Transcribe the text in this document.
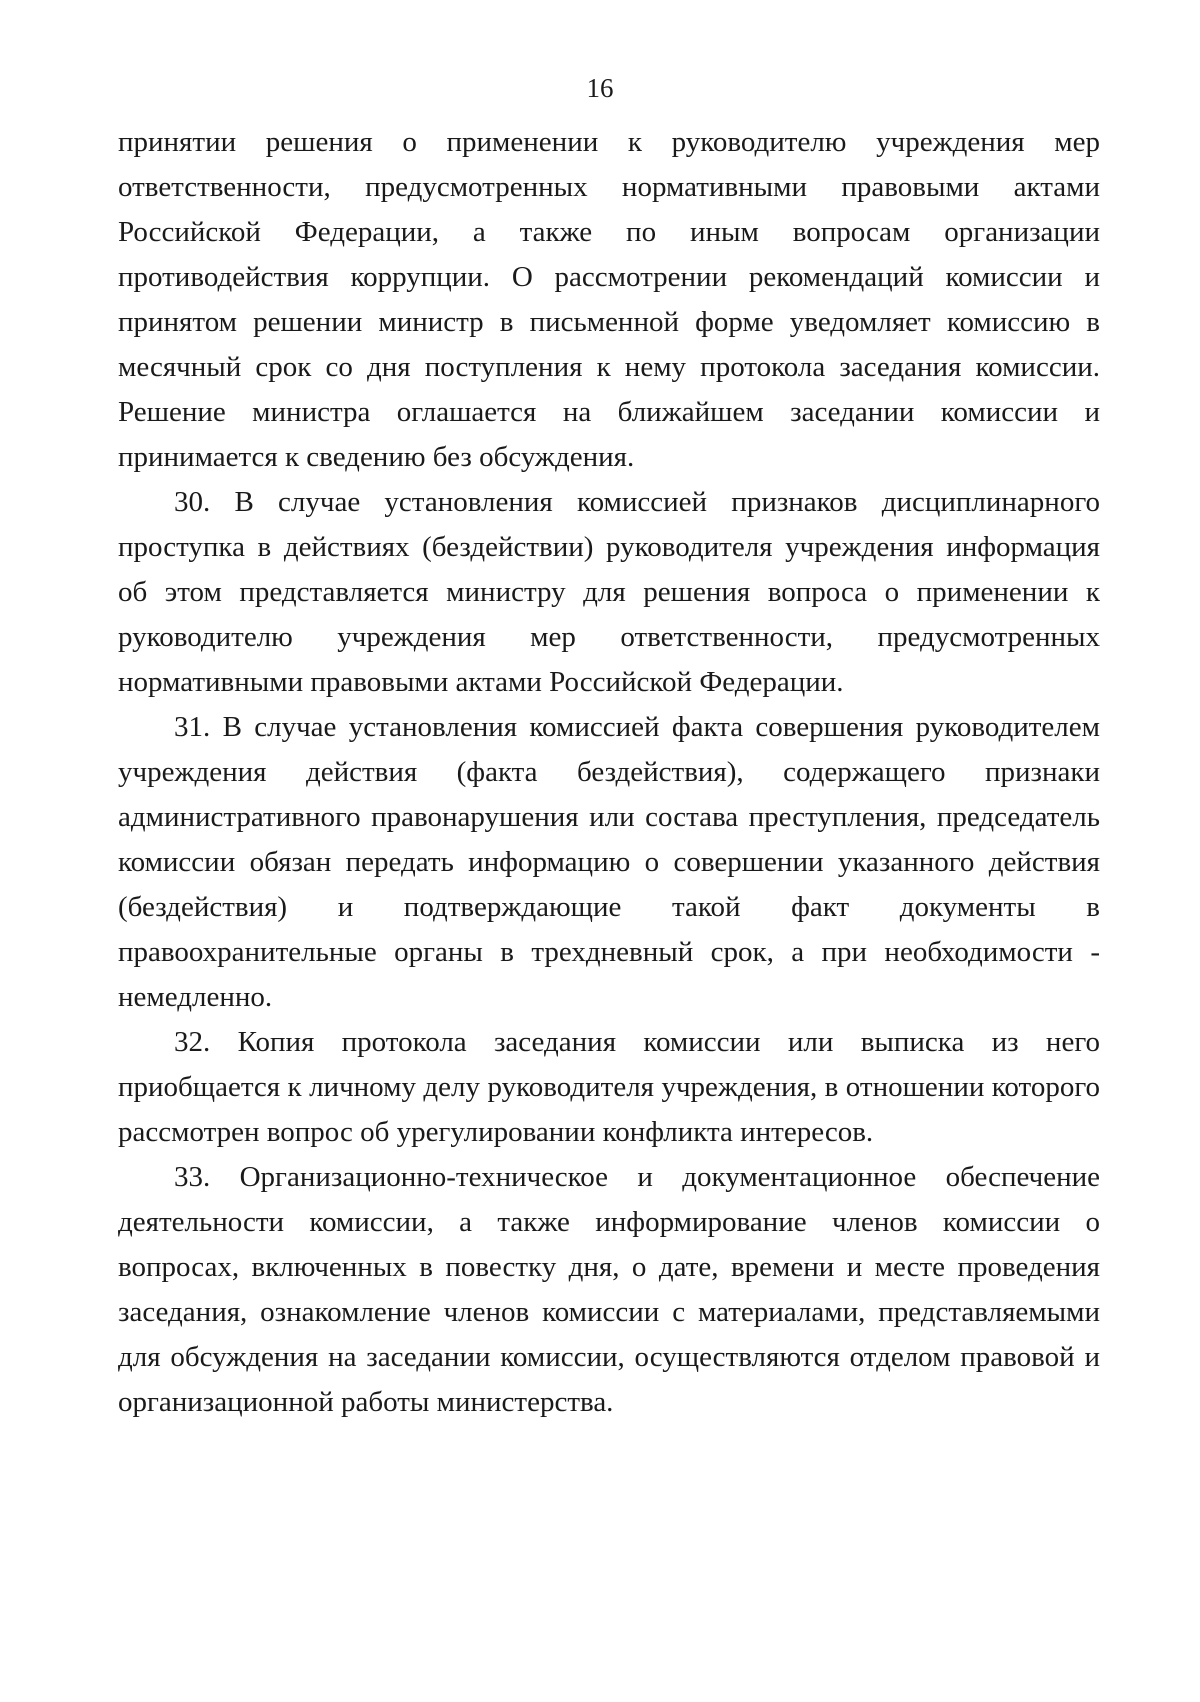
16

принятии решения о применении к руководителю учреждения мер ответственности, предусмотренных нормативными правовыми актами Российской Федерации, а также по иным вопросам организации противодействия коррупции. О рассмотрении рекомендаций комиссии и принятом решении министр в письменной форме уведомляет комиссию в месячный срок со дня поступления к нему протокола заседания комиссии. Решение министра оглашается на ближайшем заседании комиссии и принимается к сведению без обсуждения.

30. В случае установления комиссией признаков дисциплинарного проступка в действиях (бездействии) руководителя учреждения информация об этом представляется министру для решения вопроса о применении к руководителю учреждения мер ответственности, предусмотренных нормативными правовыми актами Российской Федерации.

31. В случае установления комиссией факта совершения руководителем учреждения действия (факта бездействия), содержащего признаки административного правонарушения или состава преступления, председатель комиссии обязан передать информацию о совершении указанного действия (бездействия) и подтверждающие такой факт документы в правоохранительные органы в трехдневный срок, а при необходимости - немедленно.

32. Копия протокола заседания комиссии или выписка из него приобщается к личному делу руководителя учреждения, в отношении которого рассмотрен вопрос об урегулировании конфликта интересов.

33. Организационно-техническое и документационное обеспечение деятельности комиссии, а также информирование членов комиссии о вопросах, включенных в повестку дня, о дате, времени и месте проведения заседания, ознакомление членов комиссии с материалами, представляемыми для обсуждения на заседании комиссии, осуществляются отделом правовой и организационной работы министерства.
